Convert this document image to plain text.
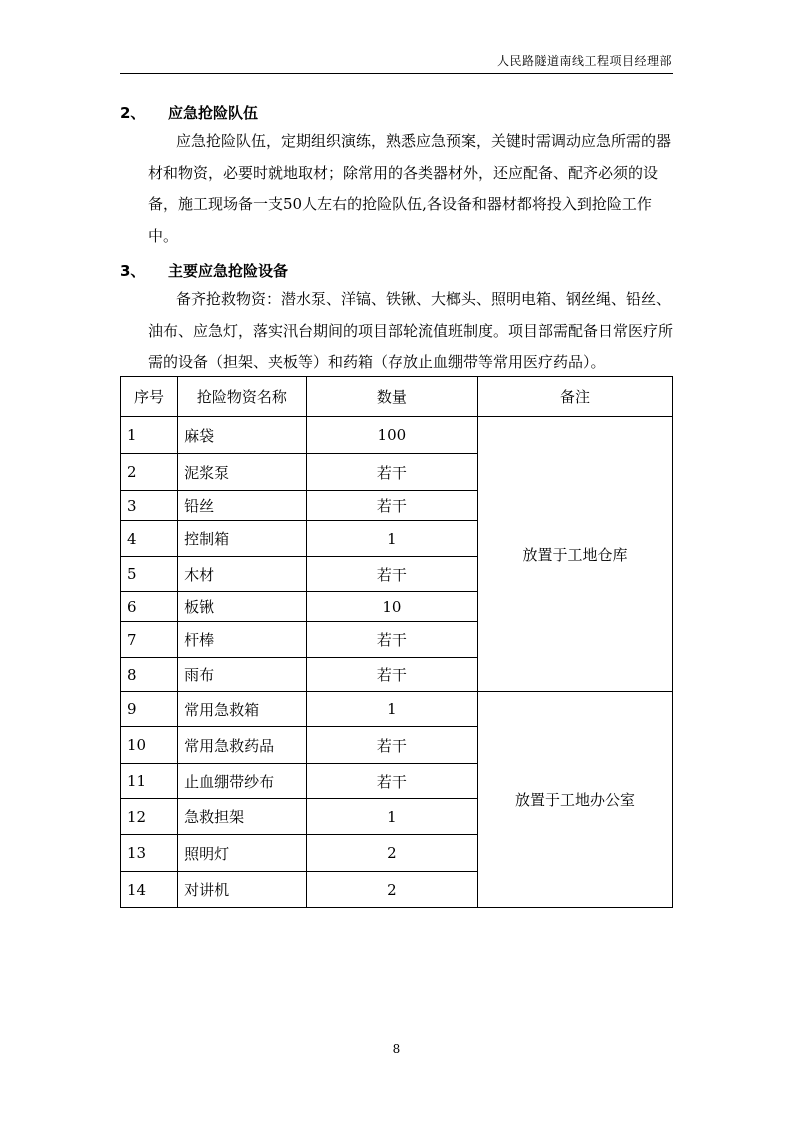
人民路隧道南线工程项目经理部
2、 应急抢险队伍
应急抢险队伍，定期组织演练，熟悉应急预案，关键时需调动应急所需的器材和物资，必要时就地取材；除常用的各类器材外，还应配备、配齐必须的设备，施工现场备一支50人左右的抢险队伍,各设备和器材都将投入到抢险工作中。
3、 主要应急抢险设备
备齐抢救物资：潜水泵、洋镐、铁锹、大榔头、照明电箱、钢丝绳、铅丝、油布、应急灯，落实汛台期间的项目部轮流值班制度。项目部需配备日常医疗所需的设备（担架、夹板等）和药箱（存放止血绷带等常用医疗药品）。
序号	抢险物资名称	数量	备注
1	麻袋	100	放置于工地仓库
2	泥浆泵	若干	
3	铅丝	若干	
4	控制箱	1	
5	木材	若干	
6	板锹	10	
7	杆棒	若干	
8	雨布	若干	
9	常用急救箱	1	放置于工地办公室
10	常用急救药品	若干	
11	止血绷带纱布	若干	
12	急救担架	1	
13	照明灯	2	
14	对讲机	2	
8
